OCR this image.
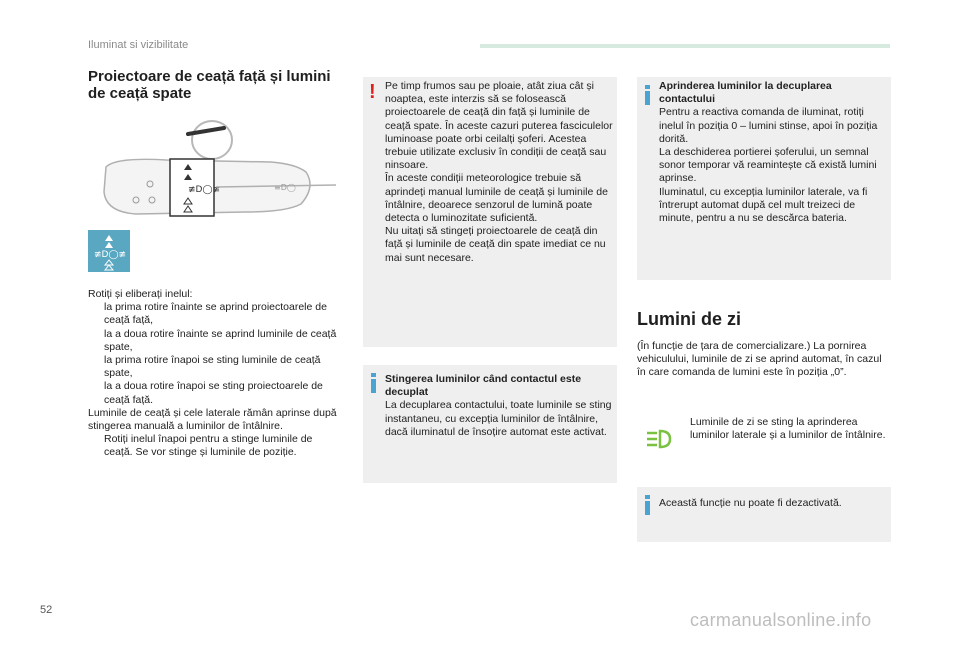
Iluminat si vizibilitate
Proiectoare de ceață față și lumini de ceață spate
≢D◯≢	≡D◯
≢D◯≢

Rotiți și eliberați inelul:

la prima rotire înainte se aprind proiectoarele de ceață față,
la a doua rotire înainte se aprind luminile de ceață spate,
la prima rotire înapoi se sting luminile de ceață spate,
la a doua rotire înapoi se sting proiectoarele de ceață față.

Luminile de ceață și cele laterale rămân aprinse după stingerea manuală a luminilor de întâlnire.

Rotiți inelul înapoi pentru a stinge luminile de ceață. Se vor stinge și luminile de poziție.
! Pe timp frumos sau pe ploaie, atât ziua cât și noaptea, este interzis să se folosească proiectoarele de ceață din față și luminile de ceață spate. În aceste cazuri puterea fasciculelor luminoase poate orbi ceilalți șoferi. Acestea trebuie utilizate exclusiv în condiții de ceață sau ninsoare.
În aceste condiții meteorologice trebuie să aprindeți manual luminile de ceață și luminile de întâlnire, deoarece senzorul de lumină poate detecta o luminozitate suficientă.
Nu uitați să stingeți proiectoarele de ceață din față și luminile de ceață din spate imediat ce nu mai sunt necesare.
Stingerea luminilor când contactul este decuplat
La decuplarea contactului, toate luminile se sting instantaneu, cu excepția luminilor de întâlnire, dacă iluminatul de însoțire automat este activat.
Aprinderea luminilor la decuplarea contactului
Pentru a reactiva comanda de iluminat, rotiți inelul în poziția 0 – lumini stinse, apoi în poziția dorită.
La deschiderea portierei șoferului, un semnal sonor temporar vă reamintește că există lumini aprinse.
Iluminatul, cu excepția luminilor laterale, va fi întrerupt automat după cel mult treizeci de minute, pentru a nu se descărca bateria.
Lumini de zi
(În funcție de țara de comercializare.) La pornirea vehiculului, luminile de zi se aprind automat, în cazul în care comanda de lumini este în poziția „0”.
Luminile de zi se sting la aprinderea luminilor laterale și a luminilor de întâlnire.
Această funcție nu poate fi dezactivată.
52	carmanualsonline.info
